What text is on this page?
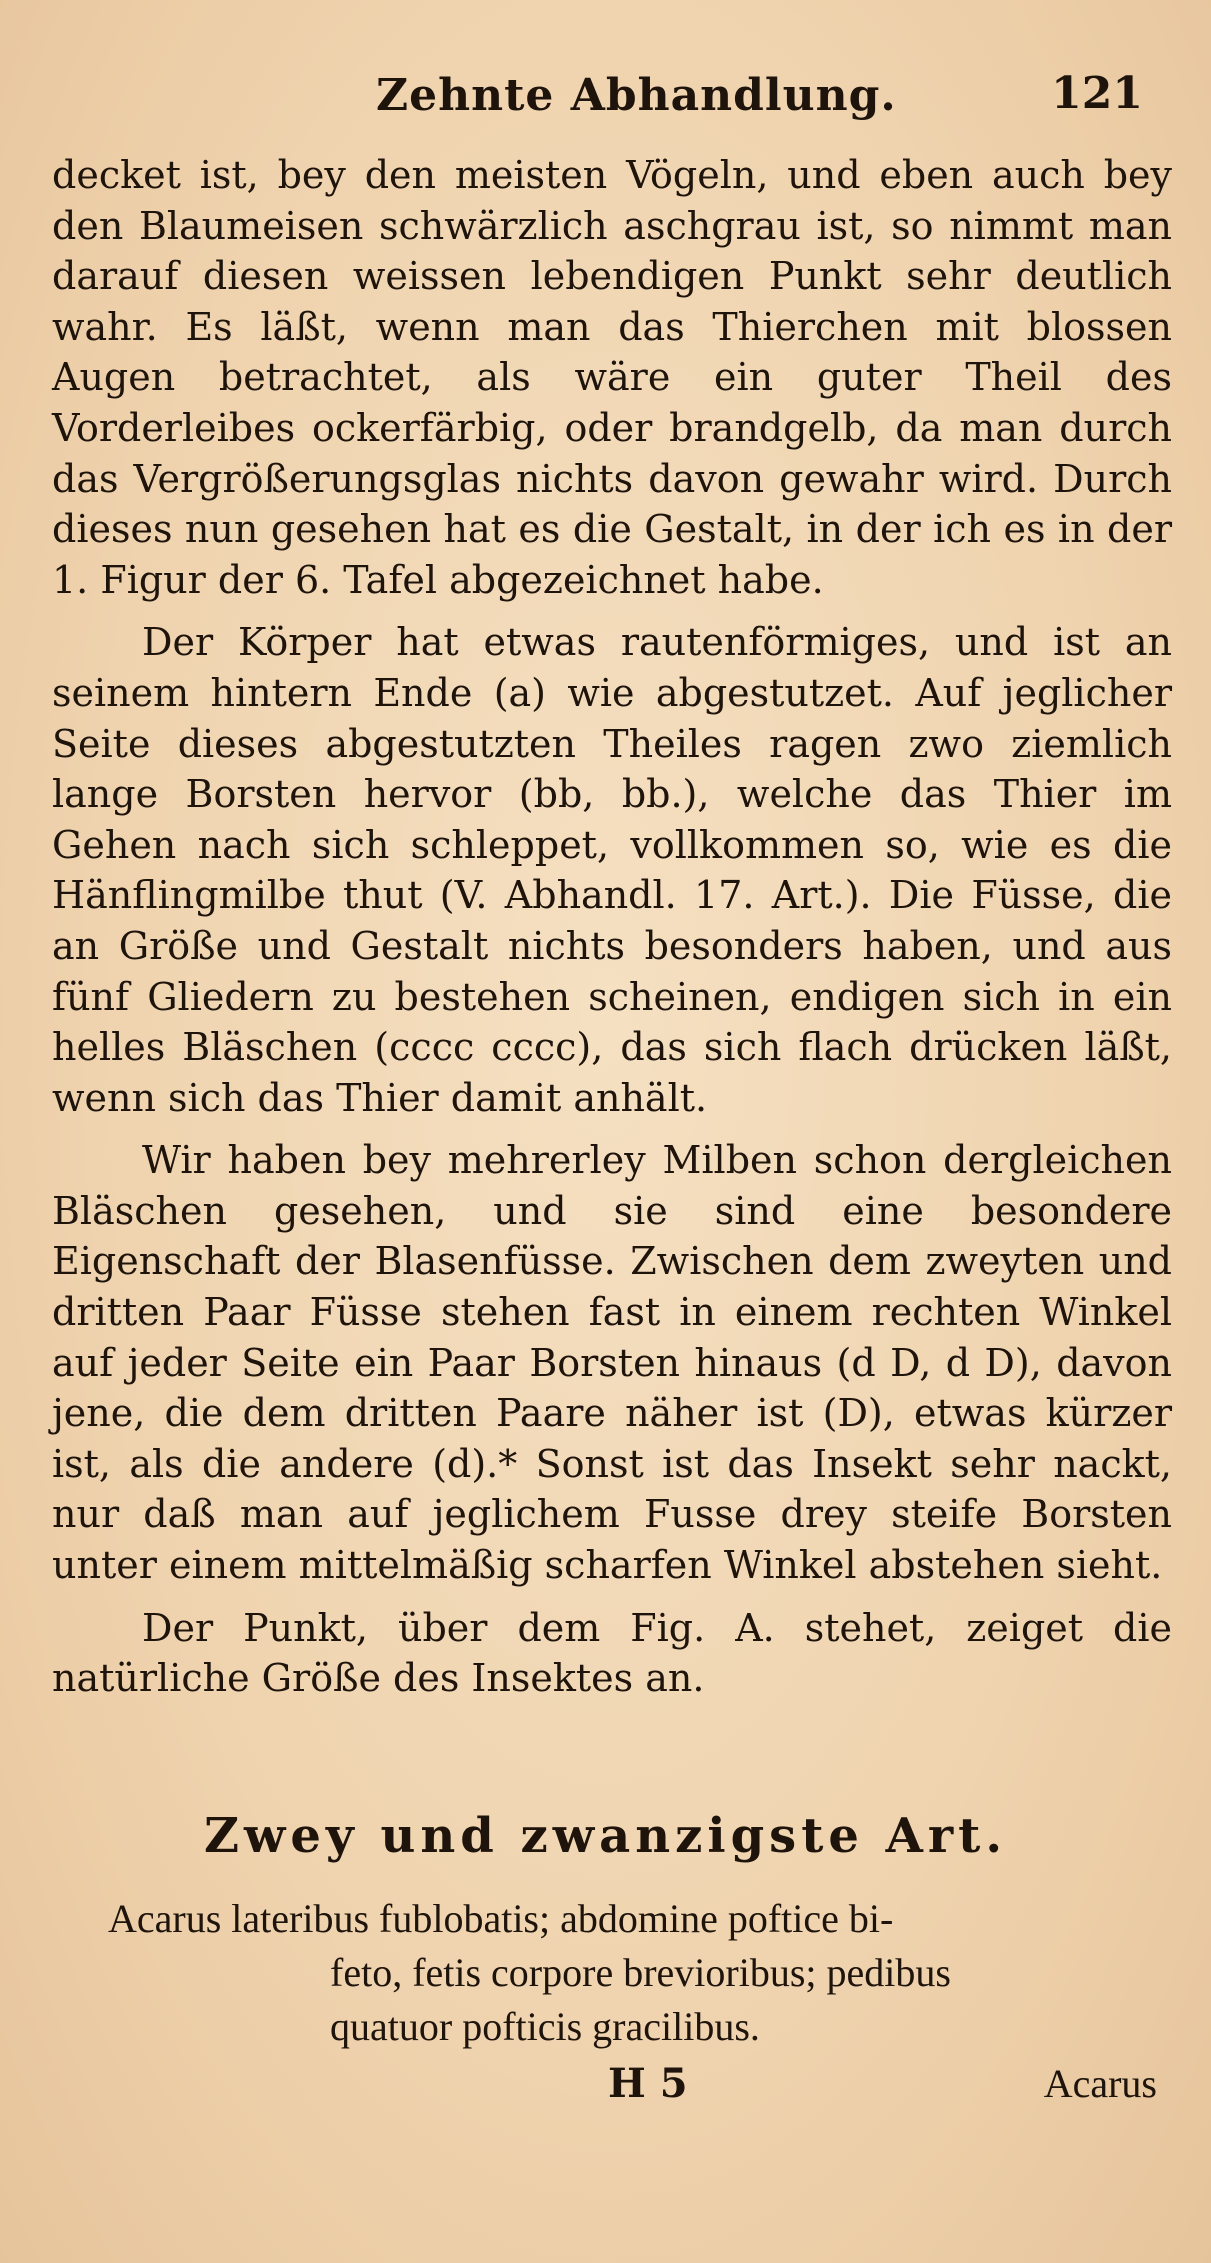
Zehnte Abhandlung.	121

decket ist, bey den meisten Vögeln, und eben auch bey den Blaumeisen schwärzlich aschgrau ist, so nimmt man darauf diesen weissen lebendigen Punkt sehr deutlich wahr. Es läßt, wenn man das Thierchen mit blossen Augen betrachtet, als wäre ein guter Theil des Vorderleibes ockerfärbig, oder brandgelb, da man durch das Vergrößerungsglas nichts davon gewahr wird. Durch dieses nun gesehen hat es die Gestalt, in der ich es in der 1. Figur der 6. Tafel abgezeichnet habe.

Der Körper hat etwas rautenförmiges, und ist an seinem hintern Ende (a) wie abgestutzet. Auf jeglicher Seite dieses abgestutzten Theiles ragen zwo ziemlich lange Borsten hervor (bb, bb.), welche das Thier im Gehen nach sich schleppet, vollkommen so, wie es die Hänflingmilbe thut (V. Abhandl. 17. Art.). Die Füsse, die an Größe und Gestalt nichts besonders haben, und aus fünf Gliedern zu bestehen scheinen, endigen sich in ein helles Bläschen (cccc cccc), das sich flach drücken läßt, wenn sich das Thier damit anhält.

Wir haben bey mehrerley Milben schon dergleichen Bläschen gesehen, und sie sind eine besondere Eigenschaft der Blasenfüsse. Zwischen dem zweyten und dritten Paar Füsse stehen fast in einem rechten Winkel auf jeder Seite ein Paar Borsten hinaus (d D, d D), davon jene, die dem dritten Paare näher ist (D), etwas kürzer ist, als die andere (d).* Sonst ist das Insekt sehr nackt, nur daß man auf jeglichem Fusse drey steife Borsten unter einem mittelmäßig scharfen Winkel abstehen sieht.

Der Punkt, über dem Fig. A. stehet, zeiget die natürliche Größe des Insektes an.

Zwey und zwanzigste Art.
Acarus lateribus fublobatis; abdomine poftice bi-
feto, fetis corpore brevioribus; pedibus
quatuor pofticis gracilibus.
H 5	Acarus
